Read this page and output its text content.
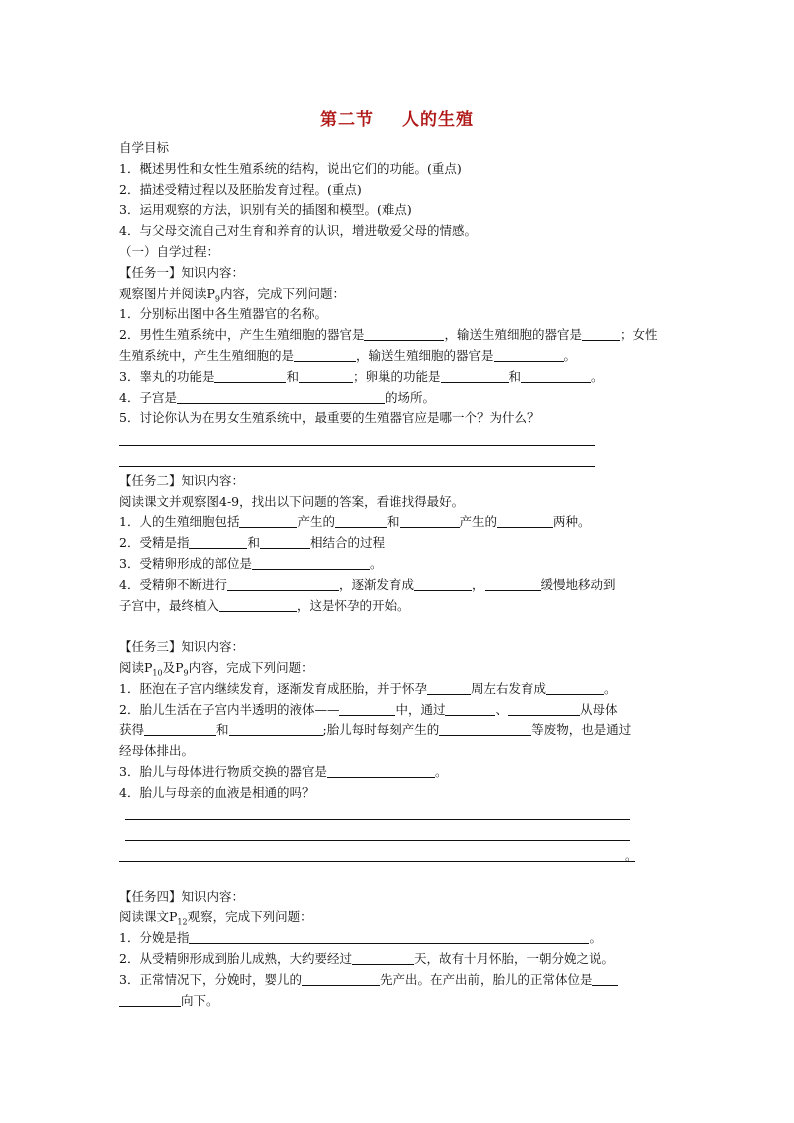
第二节 人的生殖
自学目标
1．概述男性和女性生殖系统的结构，说出它们的功能。(重点)
2．描述受精过程以及胚胎发育过程。(重点)
3．运用观察的方法，识别有关的插图和模型。(难点)
4．与父母交流自己对生育和养育的认识，增进敬爱父母的情感。
（一）自学过程：
【任务一】知识内容：
观察图片并阅读$P_9$内容，完成下列问题：
1．分别标出图中各生殖器官的名称。
2．男性生殖系统中，产生生殖细胞的器官是	，输送生殖细胞的器官是	；女性
生殖系统中，产生生殖细胞的是	，输送生殖细胞的器官是	。
3．睾丸的功能是	和	；卵巢的功能是	和	。
4．子宫是	的场所。
5．讨论你认为在男女生殖系统中，最重要的生殖器官应是哪一个？为什么？
【任务二】知识内容：
阅读课文并观察图4-9，找出以下问题的答案，看谁找得最好。
1．人的生殖细胞包括	产生的	和	产生的	两种。
2．受精是指	和	相结合的过程
3．受精卵形成的部位是	。
4．受精卵不断进行	，逐渐发育成	，	缓慢地移动到
子宫中，最终植入	，这是怀孕的开始。
【任务三】知识内容：
阅读$P_{10}$及$P_9$内容，完成下列问题：
1．胚泡在子宫内继续发育，逐渐发育成胚胎，并于怀孕	周左右发育成	。
2．胎儿生活在子宫内半透明的液体——	中，通过	、	从母体
获得	和	;胎儿每时每刻产生的	等废物，也是通过
经母体排出。
3．胎儿与母体进行物质交换的器官是	。
4．胎儿与母亲的血液是相通的吗？
。
【任务四】知识内容：
阅读课文$P_{12}$观察，完成下列问题：
1．分娩是指	。
2．从受精卵形成到胎儿成熟，大约要经过	天，故有十月怀胎，一朝分娩之说。
3．正常情况下，分娩时，婴儿的	先产出。在产出前，胎儿的正常体位是
向下。
